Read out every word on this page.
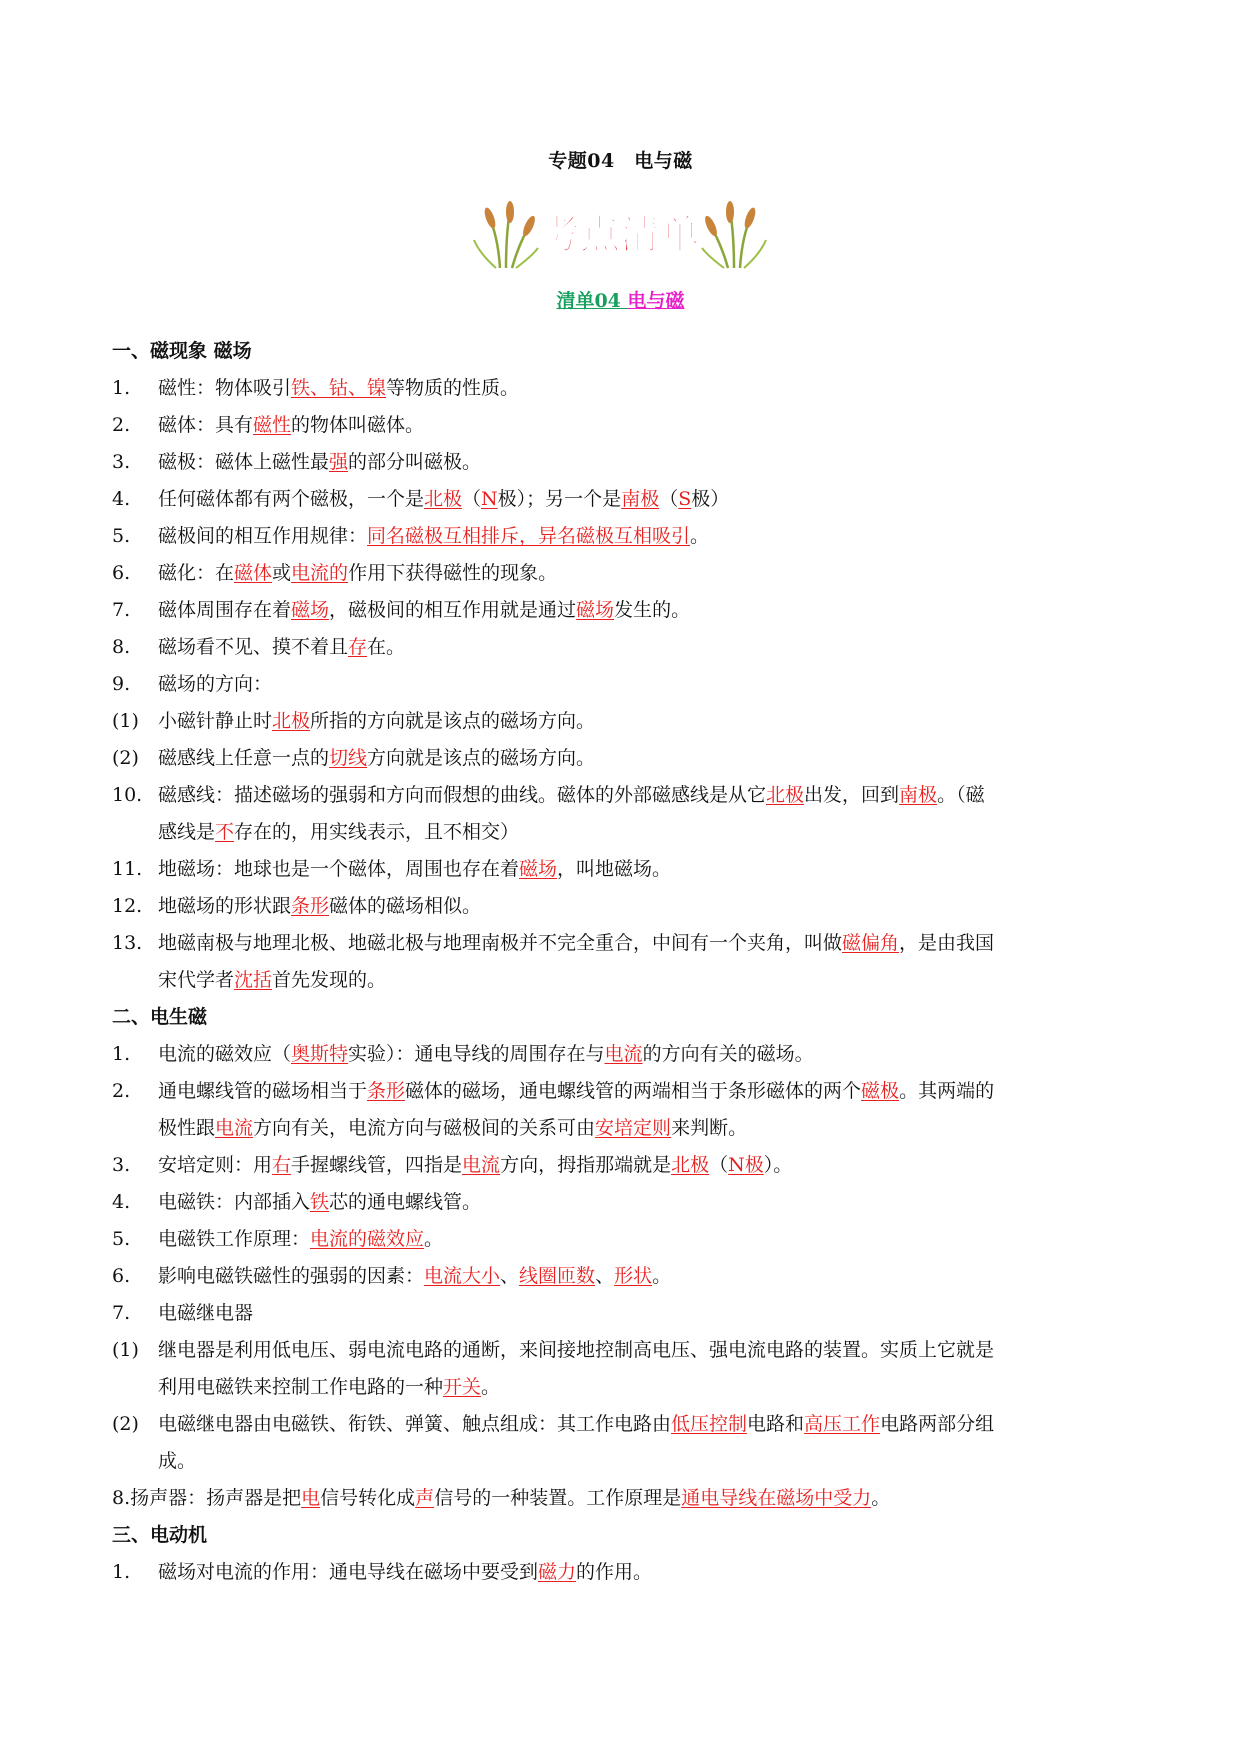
专题04　电与磁
考点清单
清单04 电与磁
一、磁现象 磁场
1. 磁性：物体吸引铁、钴、镍等物质的性质。
2. 磁体：具有磁性的物体叫磁体。
3. 磁极：磁体上磁性最强的部分叫磁极。
4. 任何磁体都有两个磁极，一个是北极（N极）；另一个是南极（S极）
5. 磁极间的相互作用规律：同名磁极互相排斥，异名磁极互相吸引。
6. 磁化：在磁体或电流的作用下获得磁性的现象。
7. 磁体周围存在着磁场，磁极间的相互作用就是通过磁场发生的。
8. 磁场看不见、摸不着且存在。
9. 磁场的方向：
(1) 小磁针静止时北极所指的方向就是该点的磁场方向。
(2) 磁感线上任意一点的切线方向就是该点的磁场方向。
10. 磁感线：描述磁场的强弱和方向而假想的曲线。磁体的外部磁感线是从它北极出发，回到南极。（磁
感线是不存在的，用实线表示，且不相交）
11. 地磁场：地球也是一个磁体，周围也存在着磁场，叫地磁场。
12. 地磁场的形状跟条形磁体的磁场相似。
13. 地磁南极与地理北极、地磁北极与地理南极并不完全重合，中间有一个夹角，叫做磁偏角，是由我国
宋代学者沈括首先发现的。
二、电生磁
1. 电流的磁效应（奥斯特实验）：通电导线的周围存在与电流的方向有关的磁场。
2. 通电螺线管的磁场相当于条形磁体的磁场，通电螺线管的两端相当于条形磁体的两个磁极。其两端的
极性跟电流方向有关，电流方向与磁极间的关系可由安培定则来判断。
3. 安培定则：用右手握螺线管，四指是电流方向，拇指那端就是北极（N极）。
4. 电磁铁：内部插入铁芯的通电螺线管。
5. 电磁铁工作原理：电流的磁效应。
6. 影响电磁铁磁性的强弱的因素：电流大小、线圈匝数、形状。
7. 电磁继电器
(1) 继电器是利用低电压、弱电流电路的通断，来间接地控制高电压、强电流电路的装置。实质上它就是
利用电磁铁来控制工作电路的一种开关。
(2) 电磁继电器由电磁铁、衔铁、弹簧、触点组成：其工作电路由低压控制电路和高压工作电路两部分组
成。
8.扬声器：扬声器是把电信号转化成声信号的一种装置。工作原理是通电导线在磁场中受力。
三、电动机
1. 磁场对电流的作用：通电导线在磁场中要受到磁力的作用。
